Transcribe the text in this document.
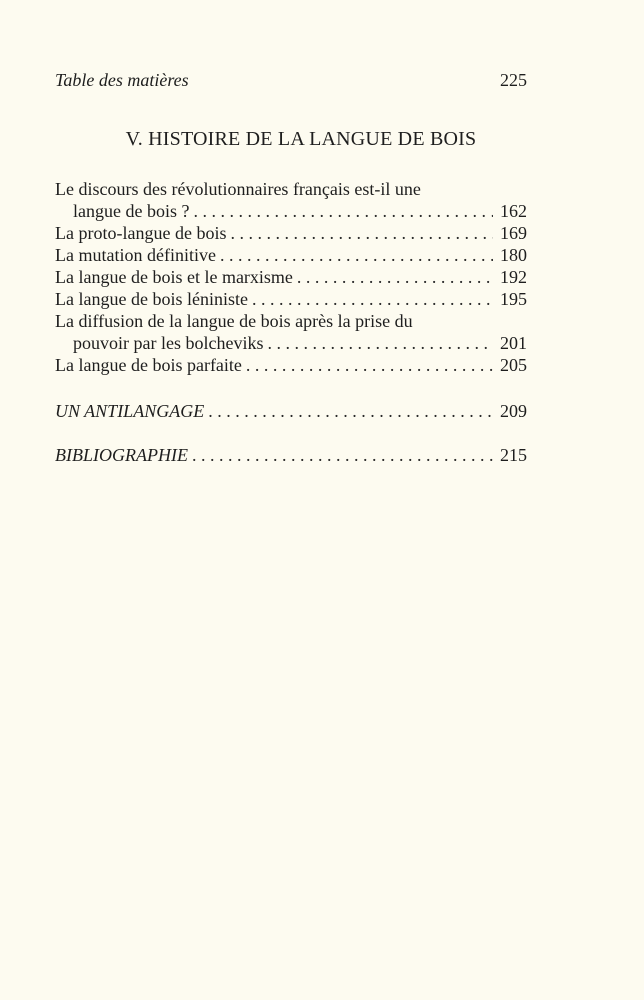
Table des matières	225
V. HISTOIRE DE LA LANGUE DE BOIS
Le discours des révolutionnaires français est-il une
langue de bois ? . . .	162
La proto-langue de bois . . .	169
La mutation définitive . . .	180
La langue de bois et le marxisme . . .	192
La langue de bois léniniste . . .	195
La diffusion de la langue de bois après la prise du
pouvoir par les bolcheviks . . .	201
La langue de bois parfaite . . .	205
UN ANTILANGAGE . . .	209
BIBLIOGRAPHIE . . .	215
